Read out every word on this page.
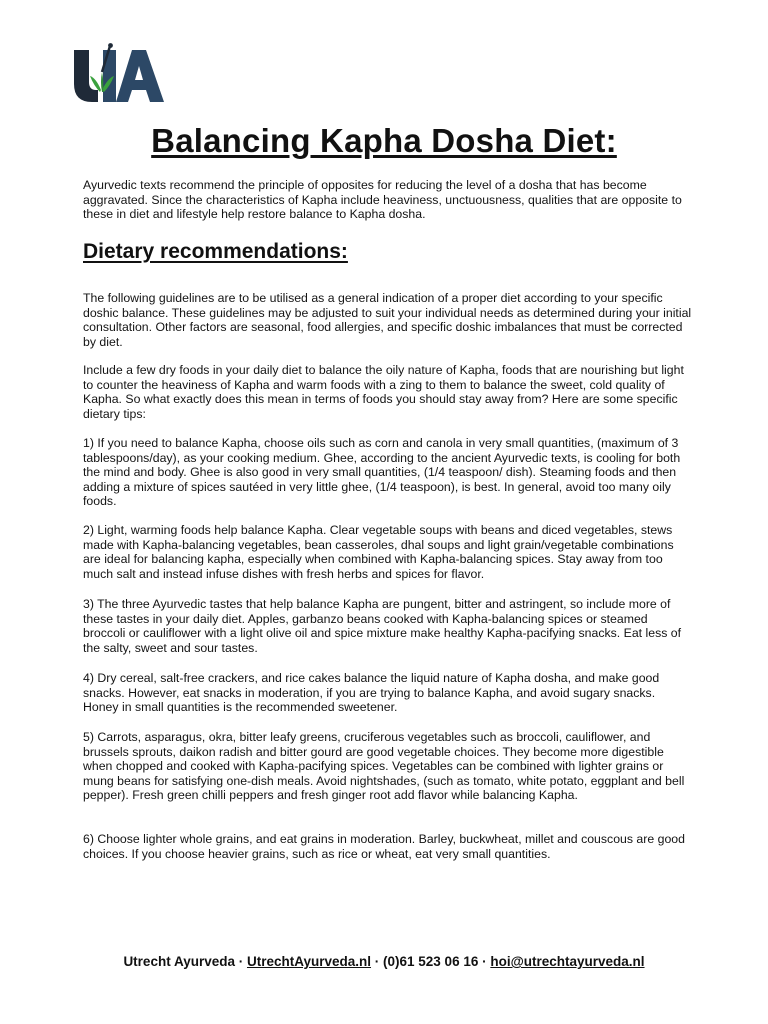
Balancing Kapha Dosha Diet:

Ayurvedic texts recommend the principle of opposites for reducing the level of a dosha that has become aggravated. Since the characteristics of Kapha include heaviness, unctuousness, qualities that are opposite to these in diet and lifestyle help restore balance to Kapha dosha.

Dietary recommendations:

The following guidelines are to be utilised as a general indication of a proper diet according to your specific doshic balance. These guidelines may be adjusted to suit your individual needs as determined during your initial consultation. Other factors are seasonal, food allergies, and specific doshic imbalances that must be corrected by diet.

Include a few dry foods in your daily diet to balance the oily nature of Kapha, foods that are nourishing but light to counter the heaviness of Kapha and warm foods with a zing to them to balance the sweet, cold quality of Kapha. So what exactly does this mean in terms of foods you should stay away from? Here are some specific dietary tips:

1) If you need to balance Kapha, choose oils such as corn and canola in very small quantities, (maximum of 3 tablespoons/day), as your cooking medium. Ghee, according to the ancient Ayurvedic texts, is cooling for both the mind and body. Ghee is also good in very small quantities, (1/4 teaspoon/ dish). Steaming foods and then adding a mixture of spices sautéed in very little ghee, (1/4 teaspoon), is best. In general, avoid too many oily foods.

2) Light, warming foods help balance Kapha. Clear vegetable soups with beans and diced vegetables, stews made with Kapha-balancing vegetables, bean casseroles, dhal soups and light grain/vegetable combinations are ideal for balancing kapha, especially when combined with Kapha-balancing spices. Stay away from too much salt and instead infuse dishes with fresh herbs and spices for flavor.

3) The three Ayurvedic tastes that help balance Kapha are pungent, bitter and astringent, so include more of these tastes in your daily diet. Apples, garbanzo beans cooked with Kapha-balancing spices or steamed broccoli or cauliflower with a light olive oil and spice mixture make healthy Kapha-pacifying snacks. Eat less of the salty, sweet and sour tastes.

4) Dry cereal, salt-free crackers, and rice cakes balance the liquid nature of Kapha dosha, and make good snacks. However, eat snacks in moderation, if you are trying to balance Kapha, and avoid sugary snacks. Honey in small quantities is the recommended sweetener.

5) Carrots, asparagus, okra, bitter leafy greens, cruciferous vegetables such as broccoli, cauliflower, and brussels sprouts, daikon radish and bitter gourd are good vegetable choices. They become more digestible when chopped and cooked with Kapha-pacifying spices. Vegetables can be combined with lighter grains or mung beans for satisfying one-dish meals. Avoid nightshades, (such as tomato, white potato, eggplant and bell pepper). Fresh green chilli peppers and fresh ginger root add flavor while balancing Kapha.

6) Choose lighter whole grains, and eat grains in moderation. Barley, buckwheat, millet and couscous are good choices. If you choose heavier grains, such as rice or wheat, eat very small quantities.

Utrecht Ayurveda · UtrechtAyurveda.nl · (0)61 523 06 16 · hoi@utrechtayurveda.nl
